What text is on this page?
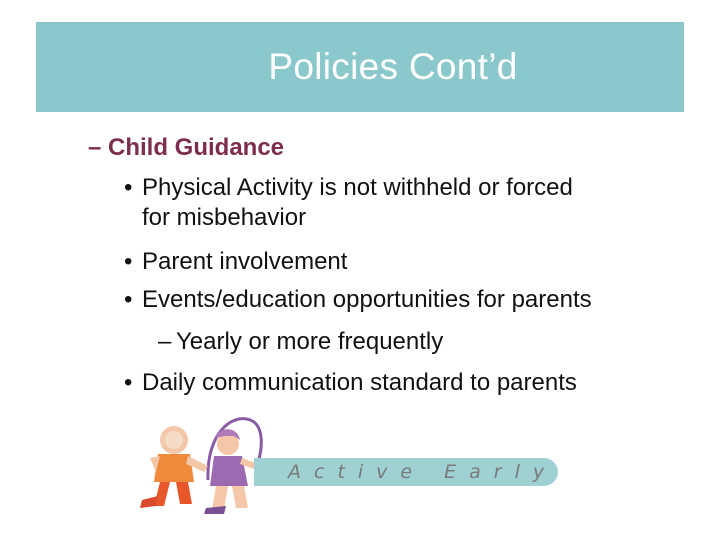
Policies Cont’d
– Child Guidance
• Physical Activity is not withheld or forced
for misbehavior
• Parent involvement
• Events/education opportunities for parents
– Yearly or more frequently
• Daily communication standard to parents
Active Early
